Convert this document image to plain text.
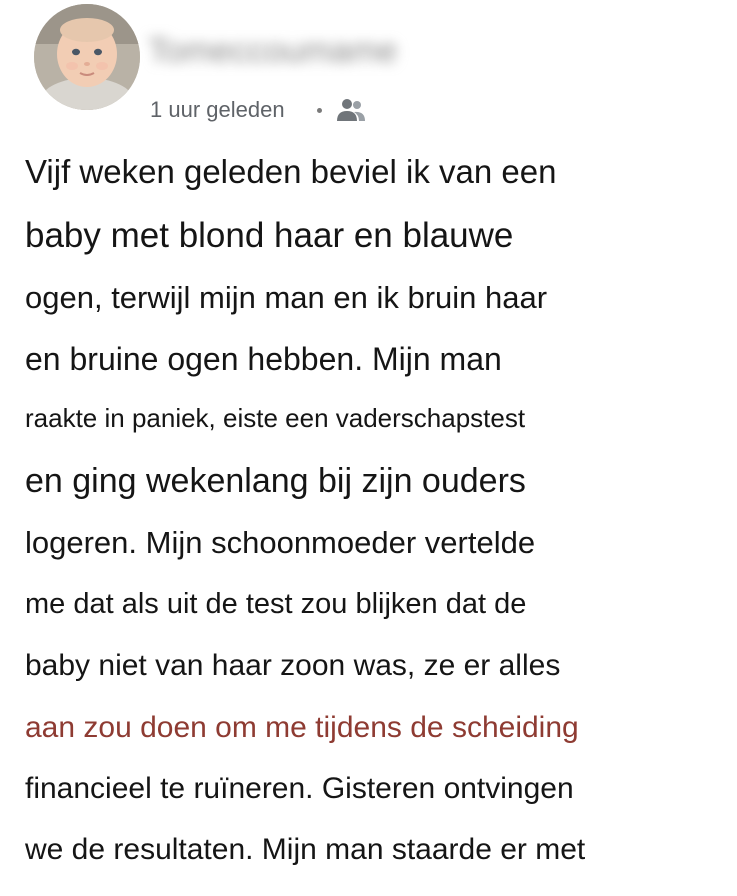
Tomeccoumame
1 uur geleden
Vijf weken geleden beviel ik van een
baby met blond haar en blauwe
ogen, terwijl mijn man en ik bruin haar
en bruine ogen hebben. Mijn man
raakte in paniek, eiste een vaderschapstest
en ging wekenlang bij zijn ouders
logeren. Mijn schoonmoeder vertelde
me dat als uit de test zou blijken dat de
baby niet van haar zoon was, ze er alles
aan zou doen om me tijdens de scheiding
financieel te ruïneren. Gisteren ontvingen
we de resultaten. Mijn man staarde er met
